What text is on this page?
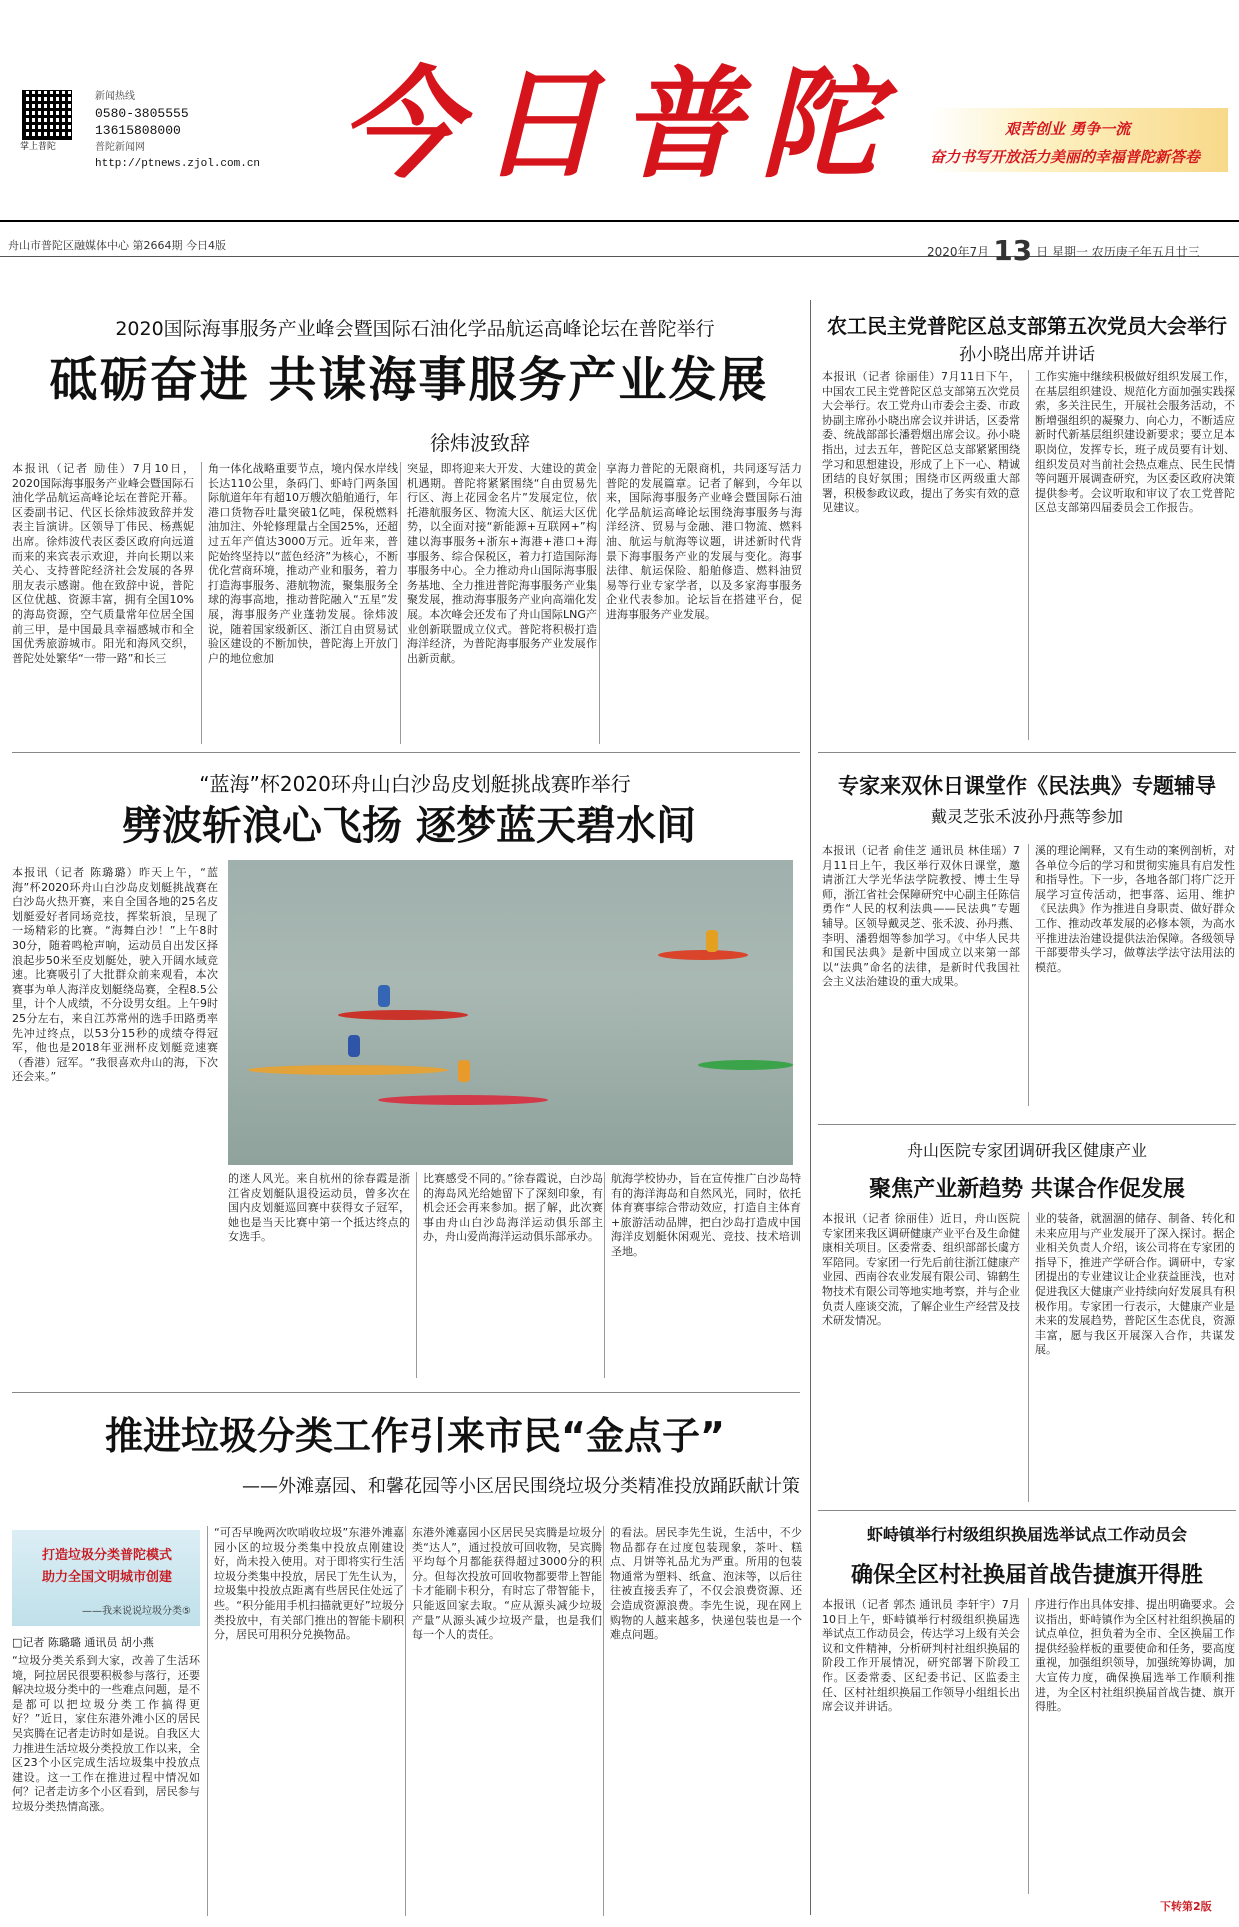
掌上普陀
新闻热线
0580-3805555
13615808000
普陀新闻网
http://ptnews.zjol.com.cn 今日普陀	艰苦创业 勇争一流
奋力书写开放活力美丽的幸福普陀新答卷
舟山市普陀区融媒体中心 第2664期 今日4版	2020年7月 13 日 星期一 农历庚子年五月廿三
2020国际海事服务产业峰会暨国际石油化学品航运高峰论坛在普陀举行
砥砺奋进 共谋海事服务产业发展
徐炜波致辞
本报讯（记者 励佳）7月10日，2020国际海事服务产业峰会暨国际石油化学品航运高峰论坛在普陀开幕。区委副书记、代区长徐炜波致辞并发表主旨演讲。区领导丁伟民、杨燕妮出席。徐炜波代表区委区政府向远道而来的来宾表示欢迎，并向长期以来关心、支持普陀经济社会发展的各界朋友表示感谢。他在致辞中说，普陀区位优越、资源丰富，拥有全国10%的海岛资源，空气质量常年位居全国前三甲，是中国最具幸福感城市和全国优秀旅游城市。阳光和海风交织，普陀处处繁华“一带一路”和长三
角一体化战略重要节点，境内保水岸线长达110公里，条码门、虾峙门两条国际航道年年有超10万艘次船舶通行，年港口货物吞吐量突破1亿吨，保税燃料油加注、外轮修理量占全国25%，还超过五年产值达3000万元。近年来，普陀始终坚持以“蓝色经济”为核心，不断优化营商环境，推动产业和服务，着力打造海事服务、港航物流，聚集服务全球的海事高地，推动普陀融入“五星”发展，海事服务产业蓬勃发展。徐炜波说，随着国家级新区、浙江自由贸易试验区建设的不断加快，普陀海上开放门户的地位愈加
突显，即将迎来大开发、大建设的黄金机遇期。普陀将紧紧围绕“自由贸易先行区、海上花园金名片”发展定位，依托港航服务区、物流大区、航运大区优势，以全面对接“新能源+互联网+”构建以海事服务+浙东+海港+港口+海事服务、综合保税区，着力打造国际海事服务中心。全力推动舟山国际海事服务基地、全力推进普陀海事服务产业集聚发展，推动海事服务产业向高端化发展。本次峰会还发布了舟山国际LNG产业创新联盟成立仪式。普陀将积极打造海洋经济，为普陀海事服务产业发展作出新贡献。
享海力普陀的无限商机，共同逐写活力普陀的发展篇章。记者了解到，今年以来，国际海事服务产业峰会暨国际石油化学品航运高峰论坛围绕海事服务与海洋经济、贸易与金融、港口物流、燃料油、航运与航海等议题，讲述新时代背景下海事服务产业的发展与变化。海事法律、航运保险、船舶修造、燃料油贸易等行业专家学者，以及多家海事服务企业代表参加。论坛旨在搭建平台，促进海事服务产业发展。
“蓝海”杯2020环舟山白沙岛皮划艇挑战赛昨举行
劈波斩浪心飞扬 逐梦蓝天碧水间
本报讯（记者 陈璐璐）昨天上午，“蓝海”杯2020环舟山白沙岛皮划艇挑战赛在白沙岛火热开赛，来自全国各地的25名皮划艇爱好者同场竞技，挥桨斩浪，呈现了一场精彩的比赛。“海舞白沙！”上午8时30分，随着鸣枪声响，运动员自出发区择浪起步50米至皮划艇处，驶入开阔水域竞速。比赛吸引了大批群众前来观看，本次赛事为单人海洋皮划艇绕岛赛，全程8.5公里，计个人成绩，不分设男女组。上午9时25分左右，来自江苏常州的选手田路勇率先冲过终点，以53分15秒的成绩夺得冠军，他也是2018年亚洲杯皮划艇竞速赛（香港）冠军。“我很喜欢舟山的海，下次还会来。”
的迷人风光。来自杭州的徐春霞是浙江省皮划艇队退役运动员，曾多次在国内皮划艇巡回赛中获得女子冠军，她也是当天比赛中第一个抵达终点的女选手。
比赛感受不同的。”徐春霞说，白沙岛的海岛风光给她留下了深刻印象，有机会还会再来参加。据了解，此次赛事由舟山白沙岛海洋运动俱乐部主办，舟山爱尚海洋运动俱乐部承办。
航海学校协办，旨在宣传推广白沙岛特有的海洋海岛和自然风光，同时，依托体育赛事综合带动效应，打造自主体育+旅游活动品牌，把白沙岛打造成中国海洋皮划艇休闲观光、竞技、技术培训圣地。
推进垃圾分类工作引来市民“金点子”
——外滩嘉园、和馨花园等小区居民围绕垃圾分类精准投放踊跃献计策
打造垃圾分类普陀模式
助力全国文明城市创建
——我来说说垃圾分类⑤
□记者 陈璐璐 通讯员 胡小燕
“垃圾分类关系到大家，改善了生活环境，阿拉居民很要积极参与落行，还要解决垃圾分类中的一些难点问题，是不是都可以把垃圾分类工作搞得更好？”近日，家住东港外滩小区的居民吴宾腾在记者走访时如是说。自我区大力推进生活垃圾分类投放工作以来，全区23个小区完成生活垃圾集中投放点建设。这一工作在推进过程中情况如何？记者走访多个小区看到，居民参与垃圾分类热情高涨。
“可否早晚两次吹哨收垃圾”东港外滩嘉园小区的垃圾分类集中投放点刚建设好，尚未投入使用。对于即将实行生活垃圾分类集中投放，居民丁先生认为，垃圾集中投放点距离有些居民住处远了些。“积分能用手机扫描就更好”垃圾分类投放中，有关部门推出的智能卡刷积分，居民可用积分兑换物品。
东港外滩嘉园小区居民吴宾腾是垃圾分类“达人”，通过投放可回收物，吴宾腾平均每个月都能获得超过3000分的积分。但每次投放可回收物都要带上智能卡才能刷卡积分，有时忘了带智能卡，只能返回家去取。“应从源头减少垃圾产量”从源头减少垃圾产量，也是我们每一个人的责任。
的看法。居民李先生说，生活中，不少物品都存在过度包装现象，茶叶、糕点、月饼等礼品尤为严重。所用的包装物通常为塑料、纸盒、泡沫等，以后往往被直接丢弃了，不仅会浪费资源、还会造成资源浪费。李先生说，现在网上购物的人越来越多，快递包装也是一个难点问题。
农工民主党普陀区总支部第五次党员大会举行
孙小晓出席并讲话
本报讯（记者 徐丽佳）7月11日下午，中国农工民主党普陀区总支部第五次党员大会举行。农工党舟山市委会主委、市政协副主席孙小晓出席会议并讲话，区委常委、统战部部长潘碧烟出席会议。孙小晓指出，过去五年，普陀区总支部紧紧围绕学习和思想建设，形成了上下一心、精诚团结的良好氛围；围绕市区两级重大部署，积极参政议政，提出了务实有效的意见建议。
工作实施中继续积极做好组织发展工作，在基层组织建设、规范化方面加强实践探索，多关注民生，开展社会服务活动，不断增强组织的凝聚力、向心力，不断适应新时代新基层组织建设新要求；要立足本职岗位，发挥专长，班子成员要有计划、组织发员对当前社会热点难点、民生民情等问题开展调查研究，为区委区政府决策提供参考。会议听取和审议了农工党普陀区总支部第四届委员会工作报告。
专家来双休日课堂作《民法典》专题辅导
戴灵芝张禾波孙丹燕等参加
本报讯（记者 俞佳芝 通讯员 林佳瑶）7月11日上午，我区举行双休日课堂，邀请浙江大学光华法学院教授、博士生导师，浙江省社会保障研究中心副主任陈信勇作“人民的权利法典——民法典”专题辅导。区领导戴灵芝、张禾波、孙丹燕、李明、潘碧烟等参加学习。《中华人民共和国民法典》是新中国成立以来第一部以“法典”命名的法律，是新时代我国社会主义法治建设的重大成果。
溪的理论阐释，又有生动的案例剖析，对各单位今后的学习和贯彻实施具有启发性和指导性。下一步，各地各部门将广泛开展学习宣传活动，把事落、运用、维护《民法典》作为推进自身职责、做好群众工作、推动改革发展的必修本领，为高水平推进法治建设提供法治保障。各级领导干部要带头学习，做尊法学法守法用法的模范。
舟山医院专家团调研我区健康产业
聚焦产业新趋势 共谋合作促发展
本报讯（记者 徐丽佳）近日，舟山医院专家团来我区调研健康产业平台及生命健康相关项目。区委常委、组织部部长虞方军陪同。专家团一行先后前往浙江健康产业园、西南谷农业发展有限公司、锦鹤生物技术有限公司等地实地考察，并与企业负责人座谈交流，了解企业生产经营及技术研发情况。
业的装备，就涸涸的储存、制备、转化和未来应用与产业发展开了深入探讨。据企业相关负责人介绍，该公司将在专家团的指导下，推进产学研合作。调研中，专家团提出的专业建议让企业获益匪浅，也对促进我区大健康产业持续向好发展具有积极作用。专家团一行表示，大健康产业是未来的发展趋势，普陀区生态优良，资源丰富，愿与我区开展深入合作，共谋发展。
虾峙镇举行村级组织换届选举试点工作动员会
确保全区村社换届首战告捷旗开得胜
本报讯（记者 郭杰 通讯员 李轩宇）7月10日上午，虾峙镇举行村级组织换届选举试点工作动员会，传达学习上级有关会议和文件精神，分析研判村社组织换届的阶段工作开展情况，研究部署下阶段工作。区委常委、区纪委书记、区监委主任、区村社组织换届工作领导小组组长出席会议并讲话。
序进行作出具体安排、提出明确要求。会议指出，虾峙镇作为全区村社组织换届的试点单位，担负着为全市、全区换届工作提供经验样板的重要使命和任务，要高度重视，加强组织领导，加强统筹协调，加大宣传力度，确保换届选举工作顺利推进，为全区村社组织换届首战告捷、旗开得胜。
下转第2版
